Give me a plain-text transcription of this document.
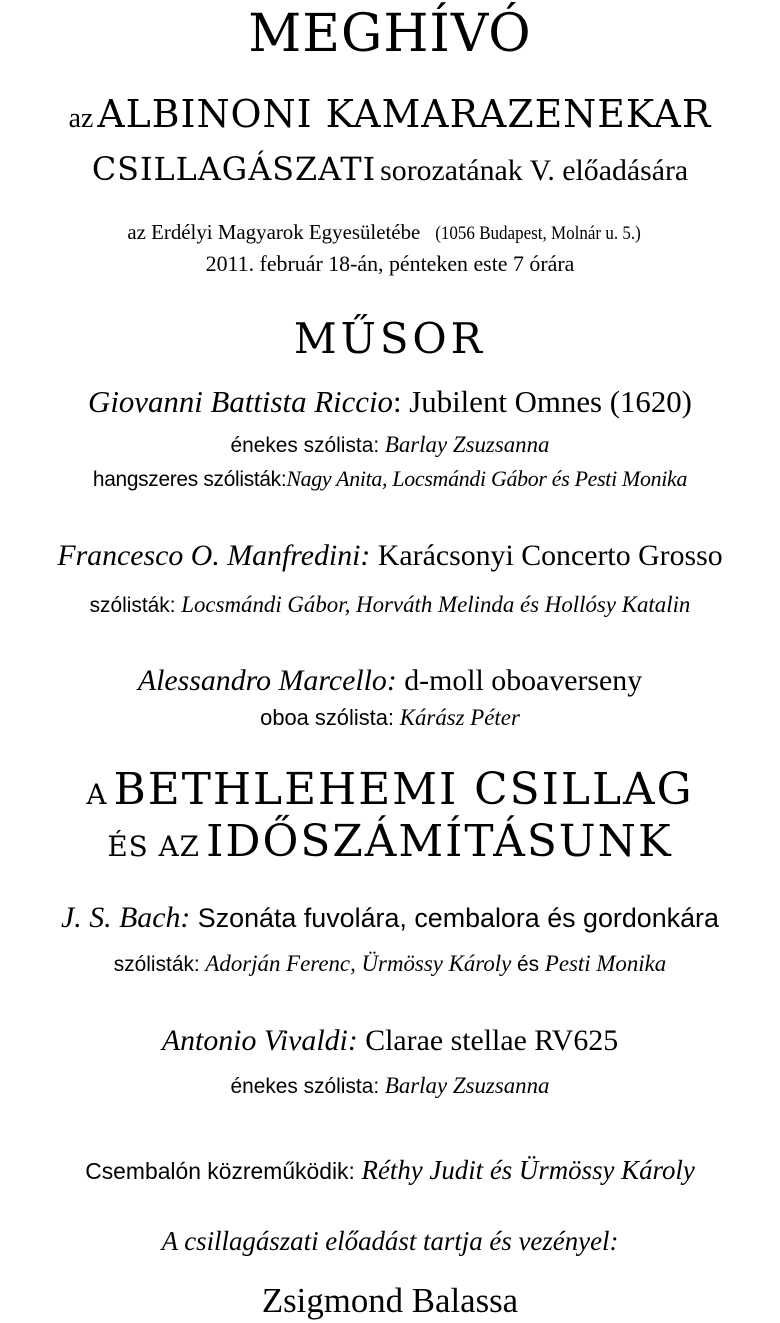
MEGHÍVÓ
az ALBINONI KAMARAZENEKAR
CSILLAGÁSZATI sorozatának V. előadására
az Erdélyi Magyarok Egyesületébe (1056 Budapest, Molnár u. 5.)
2011. február 18-án, pénteken este 7 órára
MŰSOR
Giovanni Battista Riccio: Jubilent Omnes (1620)
énekes szólista: Barlay Zsuzsanna
hangszeres szólisták:Nagy Anita, Locsmándi Gábor és Pesti Monika
Francesco O. Manfredini: Karácsonyi Concerto Grosso
szólisták: Locsmándi Gábor, Horváth Melinda és Hollósy Katalin
Alessandro Marcello: d-moll oboaverseny
oboa szólista: Kárász Péter
A BETHLEHEMI CSILLAG
ÉS AZ IDŐSZÁMÍTÁSUNK
J. S. Bach: Szonáta fuvolára, cembalora és gordonkára
szólisták: Adorján Ferenc, Ürmössy Károly és Pesti Monika
Antonio Vivaldi: Clarae stellae RV625
énekes szólista: Barlay Zsuzsanna
Csembalón közreműködik: Réthy Judit és Ürmössy Károly
A csillagászati előadást tartja és vezényel:
Zsigmond Balassa
